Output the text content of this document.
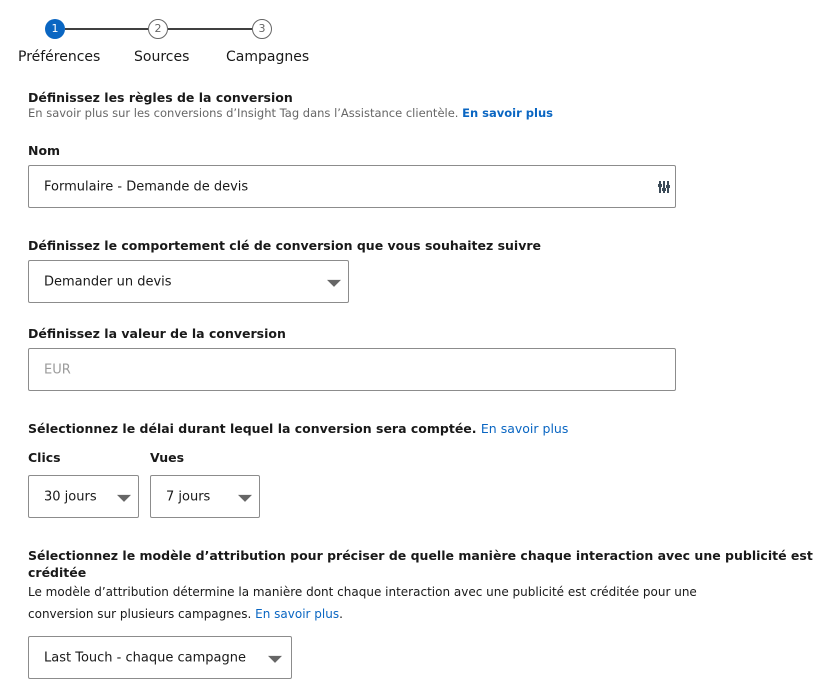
1	2	3
Préférences Sources	Campagnes
Définissez les règles de la conversion
En savoir plus sur les conversions d’Insight Tag dans l’Assistance clientèle. En savoir plus
Nom
Formulaire - Demande de devis
Définissez le comportement clé de conversion que vous souhaitez suivre
Demander un devis
Définissez la valeur de la conversion
EUR
Sélectionnez le délai durant lequel la conversion sera comptée. En savoir plus
Clics	Vues
30 jours	7 jours
Sélectionnez le modèle d’attribution pour préciser de quelle manière chaque interaction avec une publicité est
créditée
Le modèle d’attribution détermine la manière dont chaque interaction avec une publicité est créditée pour une
conversion sur plusieurs campagnes. En savoir plus.
Last Touch - chaque campagne
